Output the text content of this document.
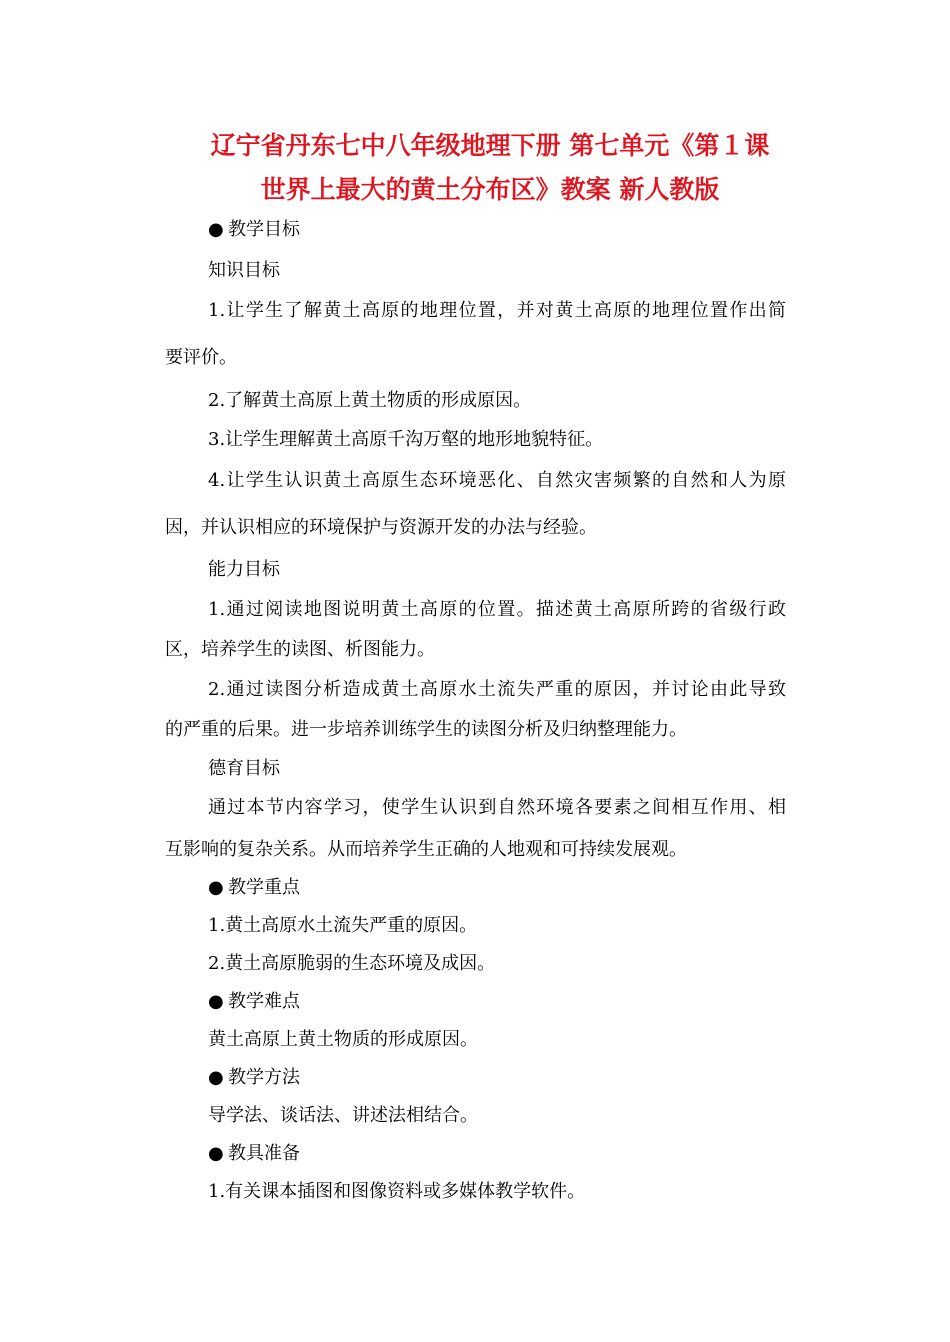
辽宁省丹东七中八年级地理下册 第七单元《第１课
世界上最大的黄土分布区》教案 新人教版
● 教学目标
知识目标
1.让学生了解黄土高原的地理位置，并对黄土高原的地理位置作出简
要评价。
2.了解黄土高原上黄土物质的形成原因。
3.让学生理解黄土高原千沟万壑的地形地貌特征。
4.让学生认识黄土高原生态环境恶化、自然灾害频繁的自然和人为原
因，并认识相应的环境保护与资源开发的办法与经验。
能力目标
1.通过阅读地图说明黄土高原的位置。描述黄土高原所跨的省级行政
区，培养学生的读图、析图能力。
2.通过读图分析造成黄土高原水土流失严重的原因，并讨论由此导致
的严重的后果。进一步培养训练学生的读图分析及归纳整理能力。
德育目标
通过本节内容学习，使学生认识到自然环境各要素之间相互作用、相
互影响的复杂关系。从而培养学生正确的人地观和可持续发展观。
● 教学重点
1.黄土高原水土流失严重的原因。
2.黄土高原脆弱的生态环境及成因。
● 教学难点
黄土高原上黄土物质的形成原因。
● 教学方法
导学法、谈话法、讲述法相结合。
● 教具准备
1.有关课本插图和图像资料或多媒体教学软件。
